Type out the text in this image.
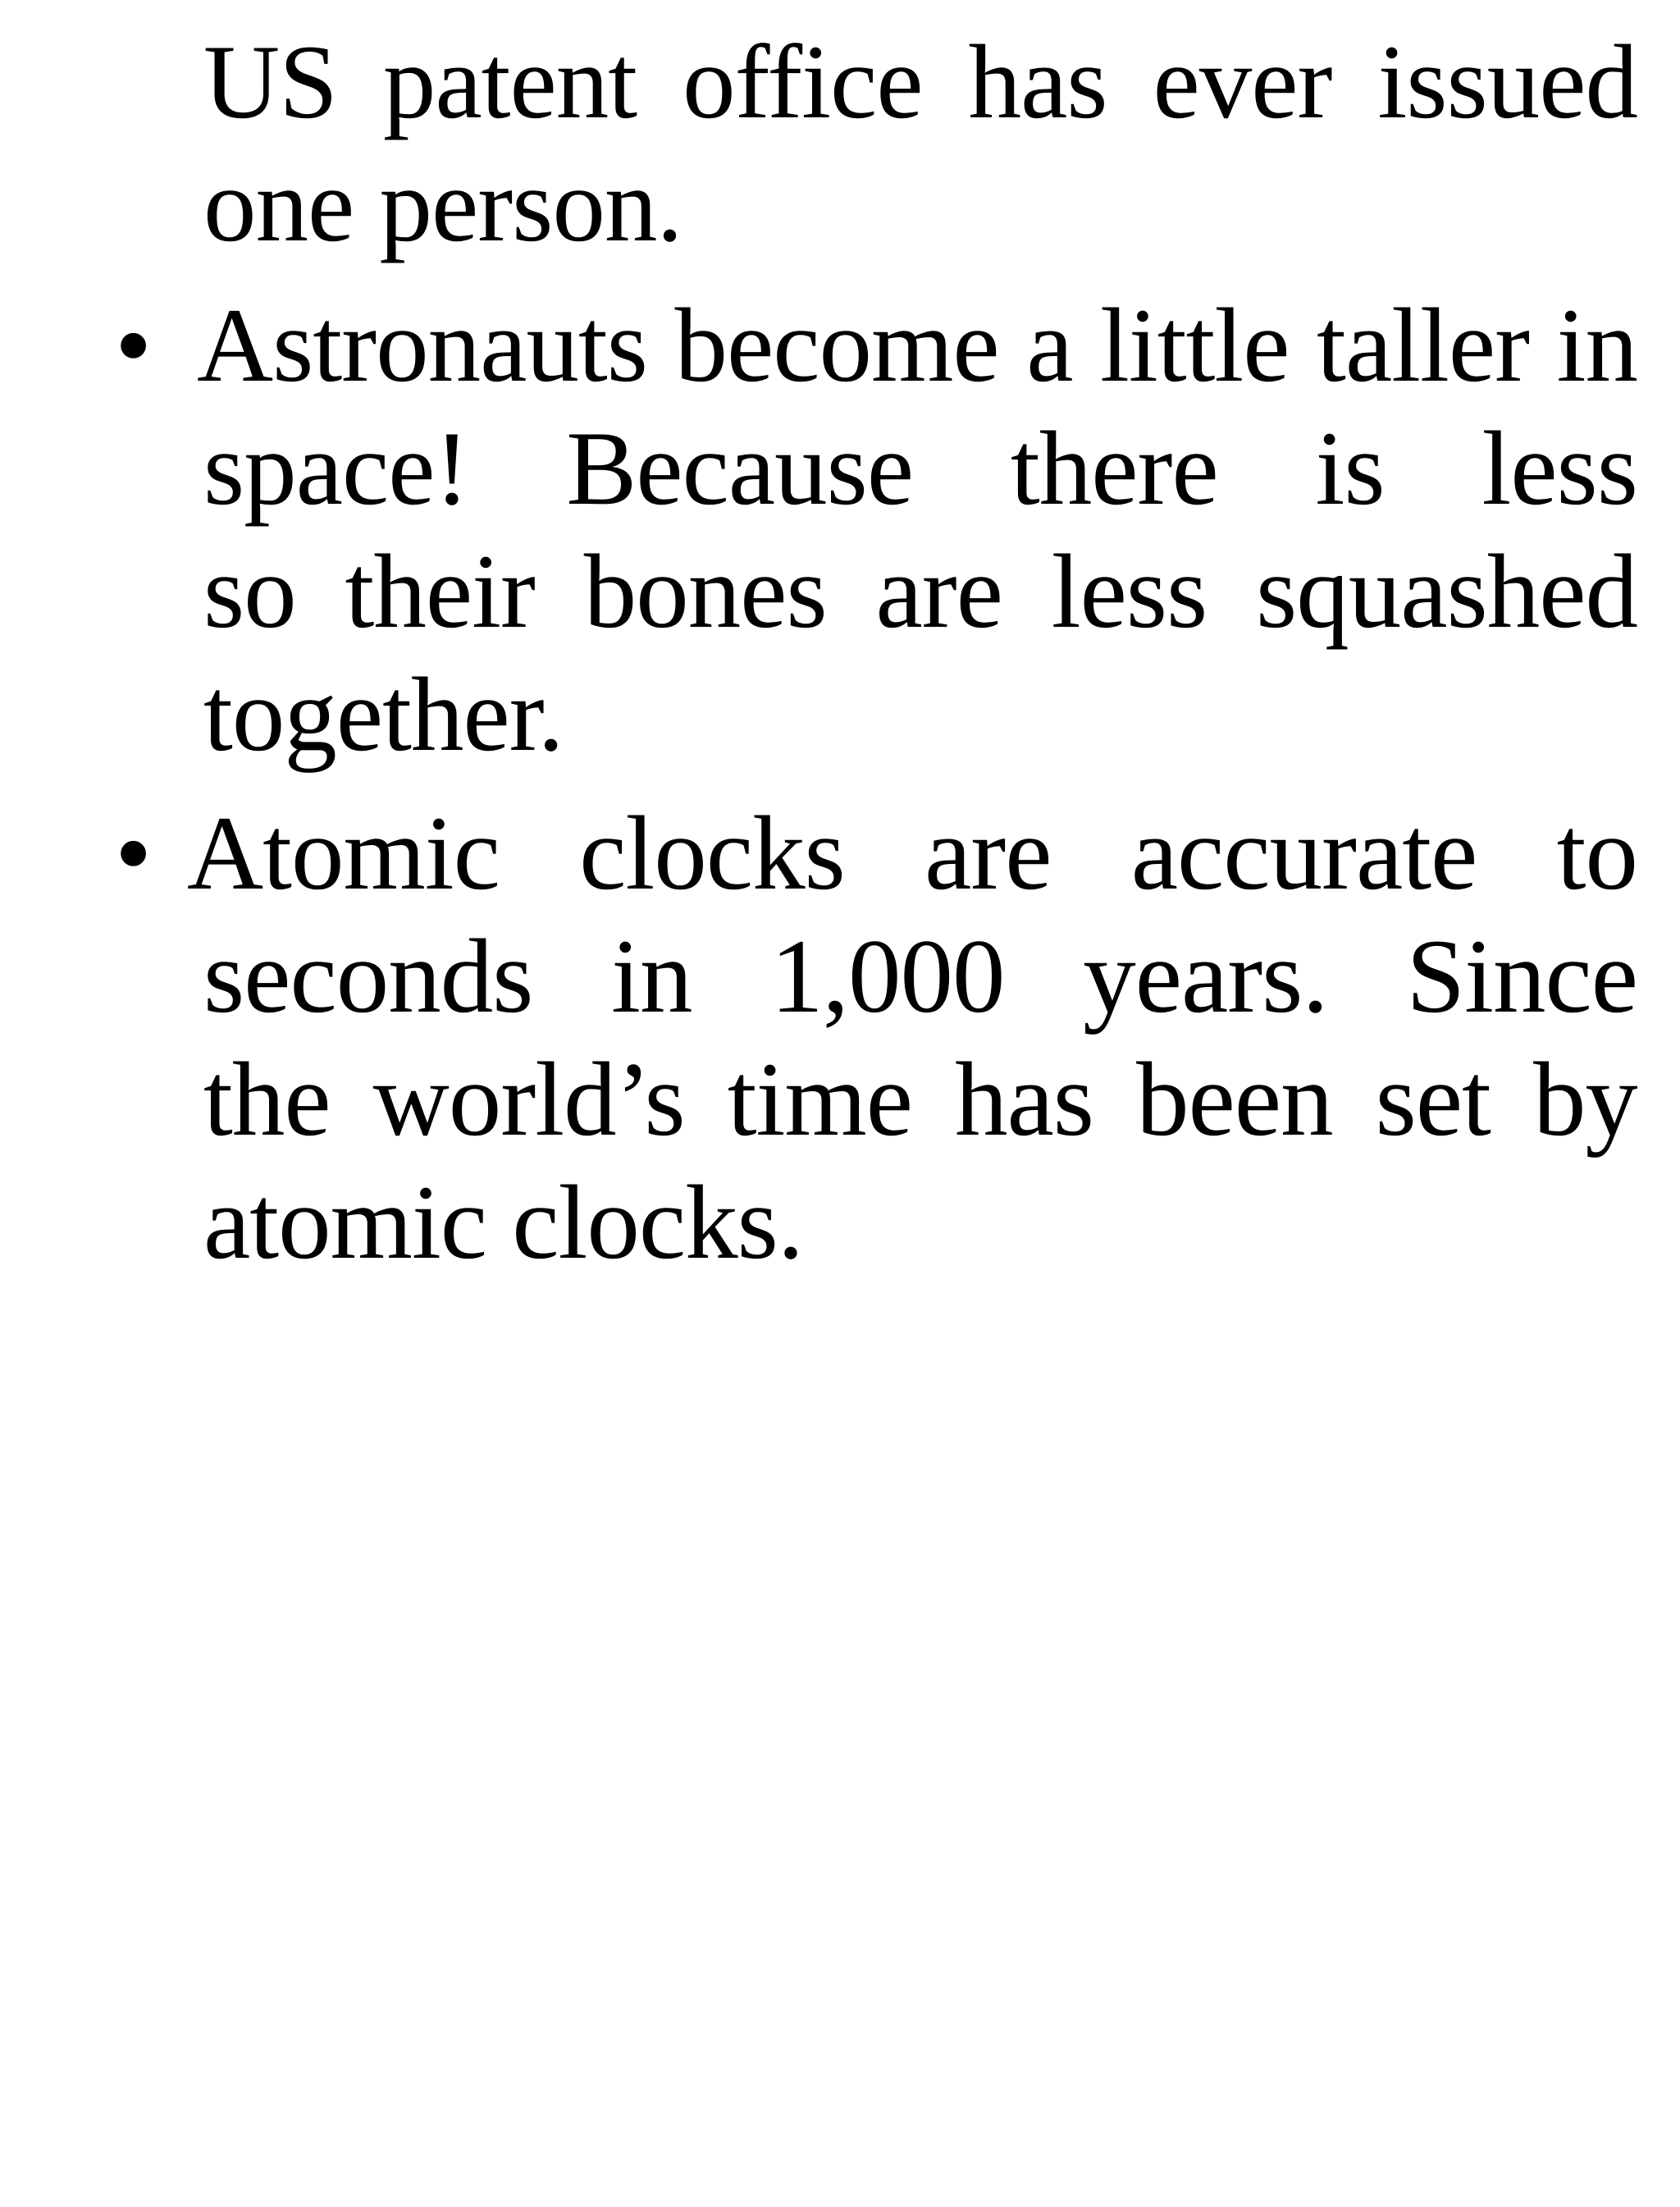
US patent office has ever issued
one person.
• Astronauts become a little taller in
space! Because there is less
so their bones are less squashed
together.
• Atomic clocks are accurate to
seconds in 1,000 years. Since
the world’s time has been set by
atomic clocks.
